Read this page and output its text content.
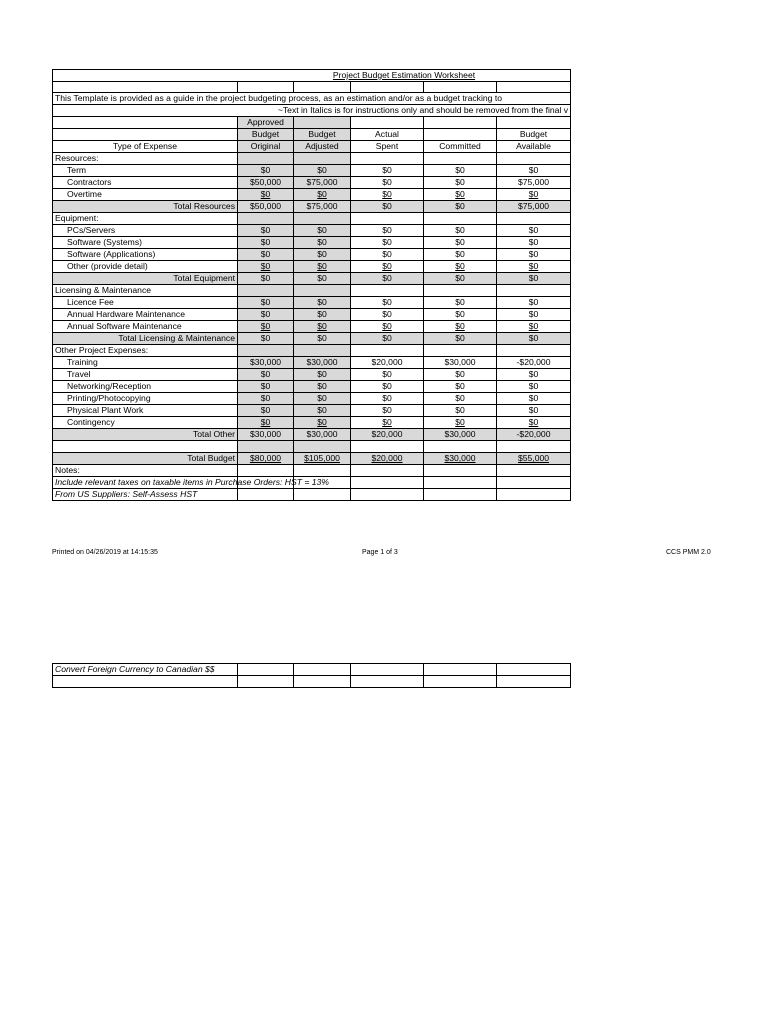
Project Budget Estimation Worksheet					

This Template is provided as a guide in the project budgeting process, as an estimation and/or as a budget tracking to					
~Text in Italics is for instructions only and should be removed from the final v					
	Approved				
	Budget	Budget	Actual		Budget
Type of Expense	Original	Adjusted	Spent	Committed	Available
Resources:					
Term	$0	$0	$0	$0	$0
Contractors	$50,000	$75,000	$0	$0	$75,000
Overtime	$0	$0	$0	$0	$0
Total Resources	$50,000	$75,000	$0	$0	$75,000
Equipment:					
PCs/Servers	$0	$0	$0	$0	$0
Software (Systems)	$0	$0	$0	$0	$0
Software (Applications)	$0	$0	$0	$0	$0
Other (provide detail)	$0	$0	$0	$0	$0
Total Equipment	$0	$0	$0	$0	$0
Licensing & Maintenance					
Licence Fee	$0	$0	$0	$0	$0
Annual Hardware Maintenance	$0	$0	$0	$0	$0
Annual Software Maintenance	$0	$0	$0	$0	$0
Total Licensing & Maintenance	$0	$0	$0	$0	$0
Other Project Expenses:					
Training	$30,000	$30,000	$20,000	$30,000	-$20,000
Travel	$0	$0	$0	$0	$0
Networking/Reception	$0	$0	$0	$0	$0
Printing/Photocopying	$0	$0	$0	$0	$0
Physical Plant Work	$0	$0	$0	$0	$0
Contingency	$0	$0	$0	$0	$0
Total Other	$30,000	$30,000	$20,000	$30,000	-$20,000

Total Budget	$80,000	$105,000	$20,000	$30,000	$55,000
Notes:					
Include relevant taxes on taxable items in Purchase Orders: HST = 13%					
From US Suppliers: Self-Assess HST					
Printed on 04/26/2019 at 14:15:35	Page 1 of 3	CCS PMM 2.0
Convert Foreign Currency to Canadian $$					
